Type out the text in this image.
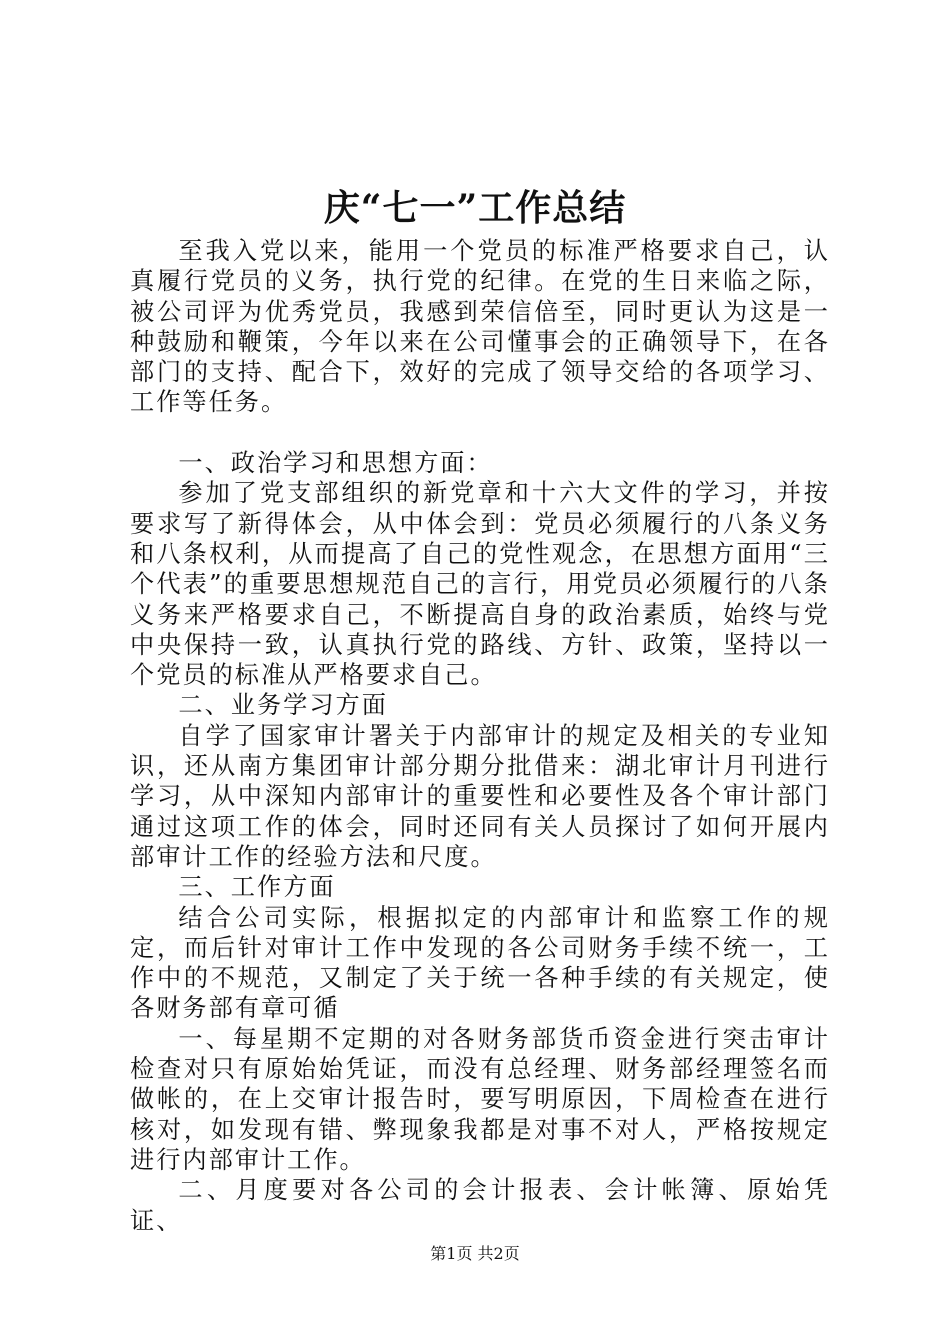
庆“七一”工作总结

至我入党以来，能用一个党员的标准严格要求自己，认真履行党员的义务，执行党的纪律。在党的生日来临之际，被公司评为优秀党员，我感到荣信倍至，同时更认为这是一种鼓励和鞭策，今年以来在公司懂事会的正确领导下，在各部门的支持、配合下，效好的完成了领导交给的各项学习、工作等任务。

一、政治学习和思想方面：

参加了党支部组织的新党章和十六大文件的学习，并按要求写了新得体会，从中体会到：党员必须履行的八条义务和八条权利，从而提高了自己的党性观念，在思想方面用“三个代表”的重要思想规范自己的言行，用党员必须履行的八条义务来严格要求自己，不断提高自身的政治素质，始终与党中央保持一致，认真执行党的路线、方针、政策，坚持以一个党员的标准从严格要求自己。

二、业务学习方面

自学了国家审计署关于内部审计的规定及相关的专业知识，还从南方集团审计部分期分批借来：湖北审计月刊进行学习，从中深知内部审计的重要性和必要性及各个审计部门通过这项工作的体会，同时还同有关人员探讨了如何开展内部审计工作的经验方法和尺度。

三、工作方面

结合公司实际，根据拟定的内部审计和监察工作的规定，而后针对审计工作中发现的各公司财务手续不统一，工作中的不规范，又制定了关于统一各种手续的有关规定，使各财务部有章可循

一、每星期不定期的对各财务部货币资金进行突击审计检查对只有原始始凭证，而没有总经理、财务部经理签名而做帐的，在上交审计报告时，要写明原因，下周检查在进行核对，如发现有错、弊现象我都是对事不对人，严格按规定进行内部审计工作。

二、月度要对各公司的会计报表、会计帐簿、原始凭证、

第1页 共2页
